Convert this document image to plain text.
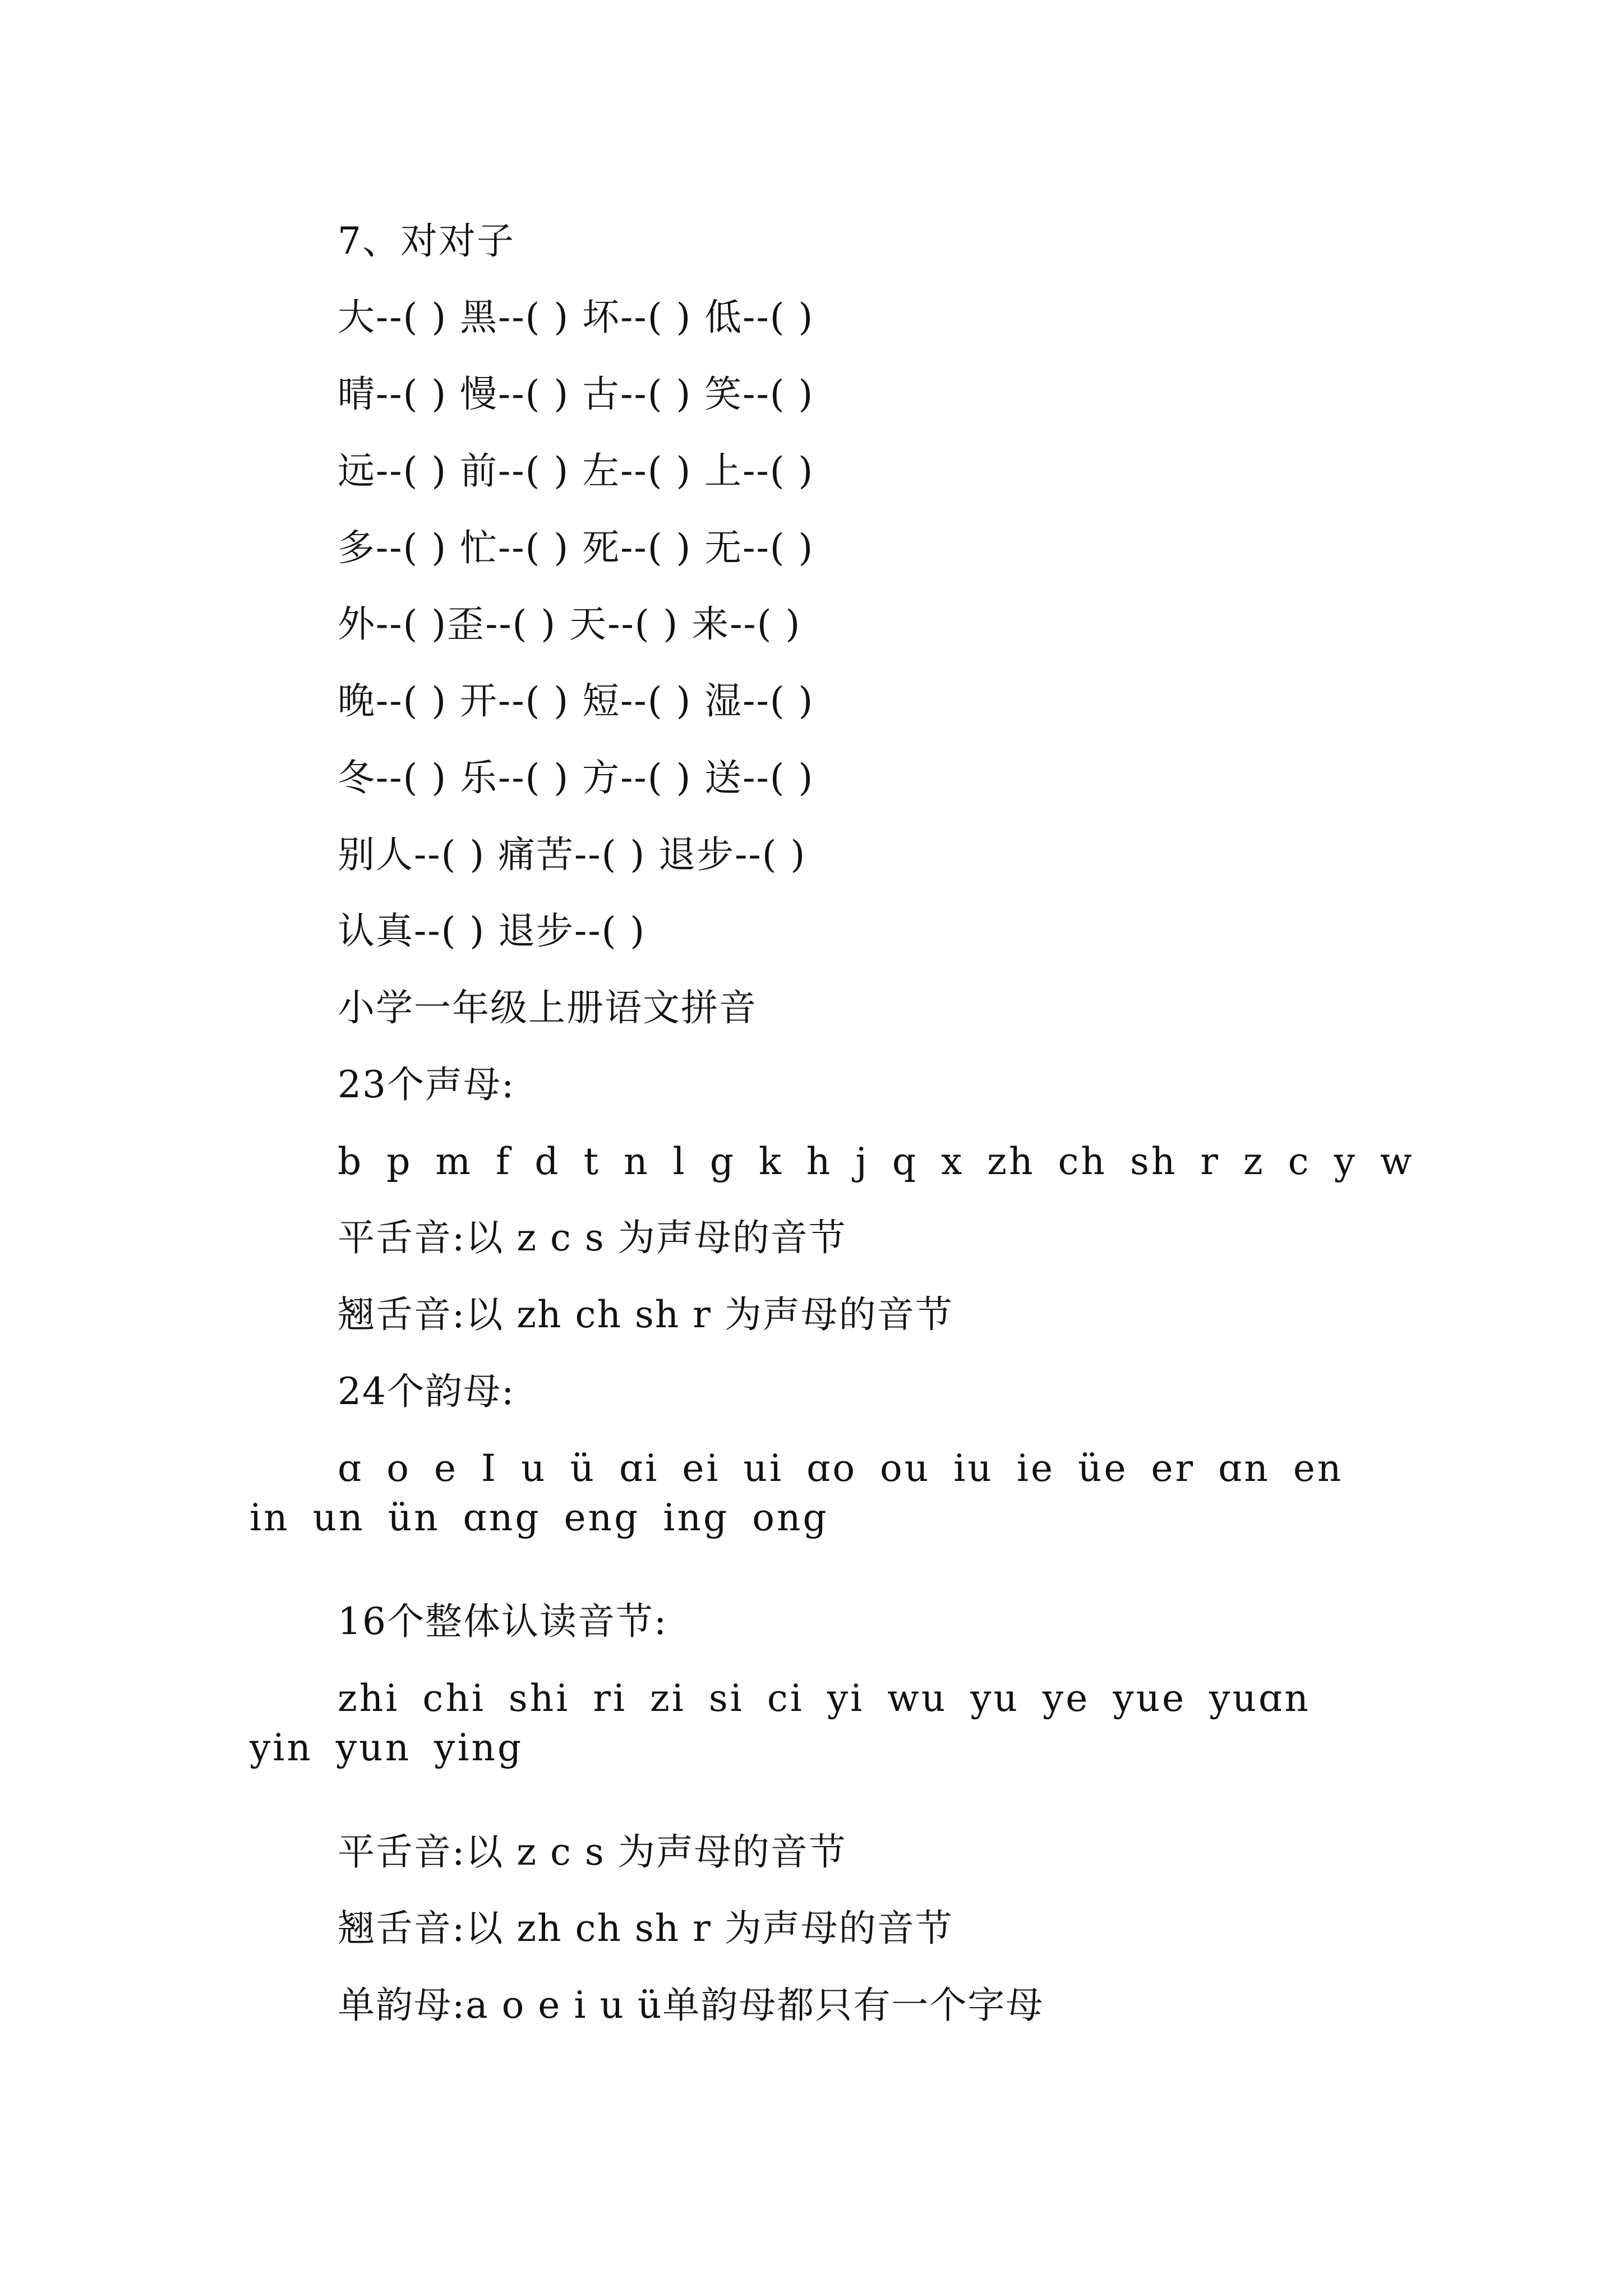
7、对对子
大--( ) 黑--( ) 坏--( ) 低--( )
晴--( ) 慢--( ) 古--( ) 笑--( )
远--( ) 前--( ) 左--( ) 上--( )
多--( ) 忙--( ) 死--( ) 无--( )
外--( )歪--( ) 天--( ) 来--( )
晚--( ) 开--( ) 短--( ) 湿--( )
冬--( ) 乐--( ) 方--( ) 送--( )
别人--( ) 痛苦--( ) 退步--( )
认真--( ) 退步--( )
小学一年级上册语文拼音
23个声母:
b p m f d t n l g k h j q x zh ch sh r z c y w
平舌音:以 z c s 为声母的音节
翘舌音:以 zh ch sh r 为声母的音节
24个韵母:
ɑ o e I u ü ɑi ei ui ɑo ou iu ie üe er ɑn en in un ün ɑng eng ing ong
16个整体认读音节:
zhi chi shi ri zi si ci yi wu yu ye yue yuɑn yin yun ying
平舌音:以 z c s 为声母的音节
翘舌音:以 zh ch sh r 为声母的音节
单韵母:a o e i u ü单韵母都只有一个字母
